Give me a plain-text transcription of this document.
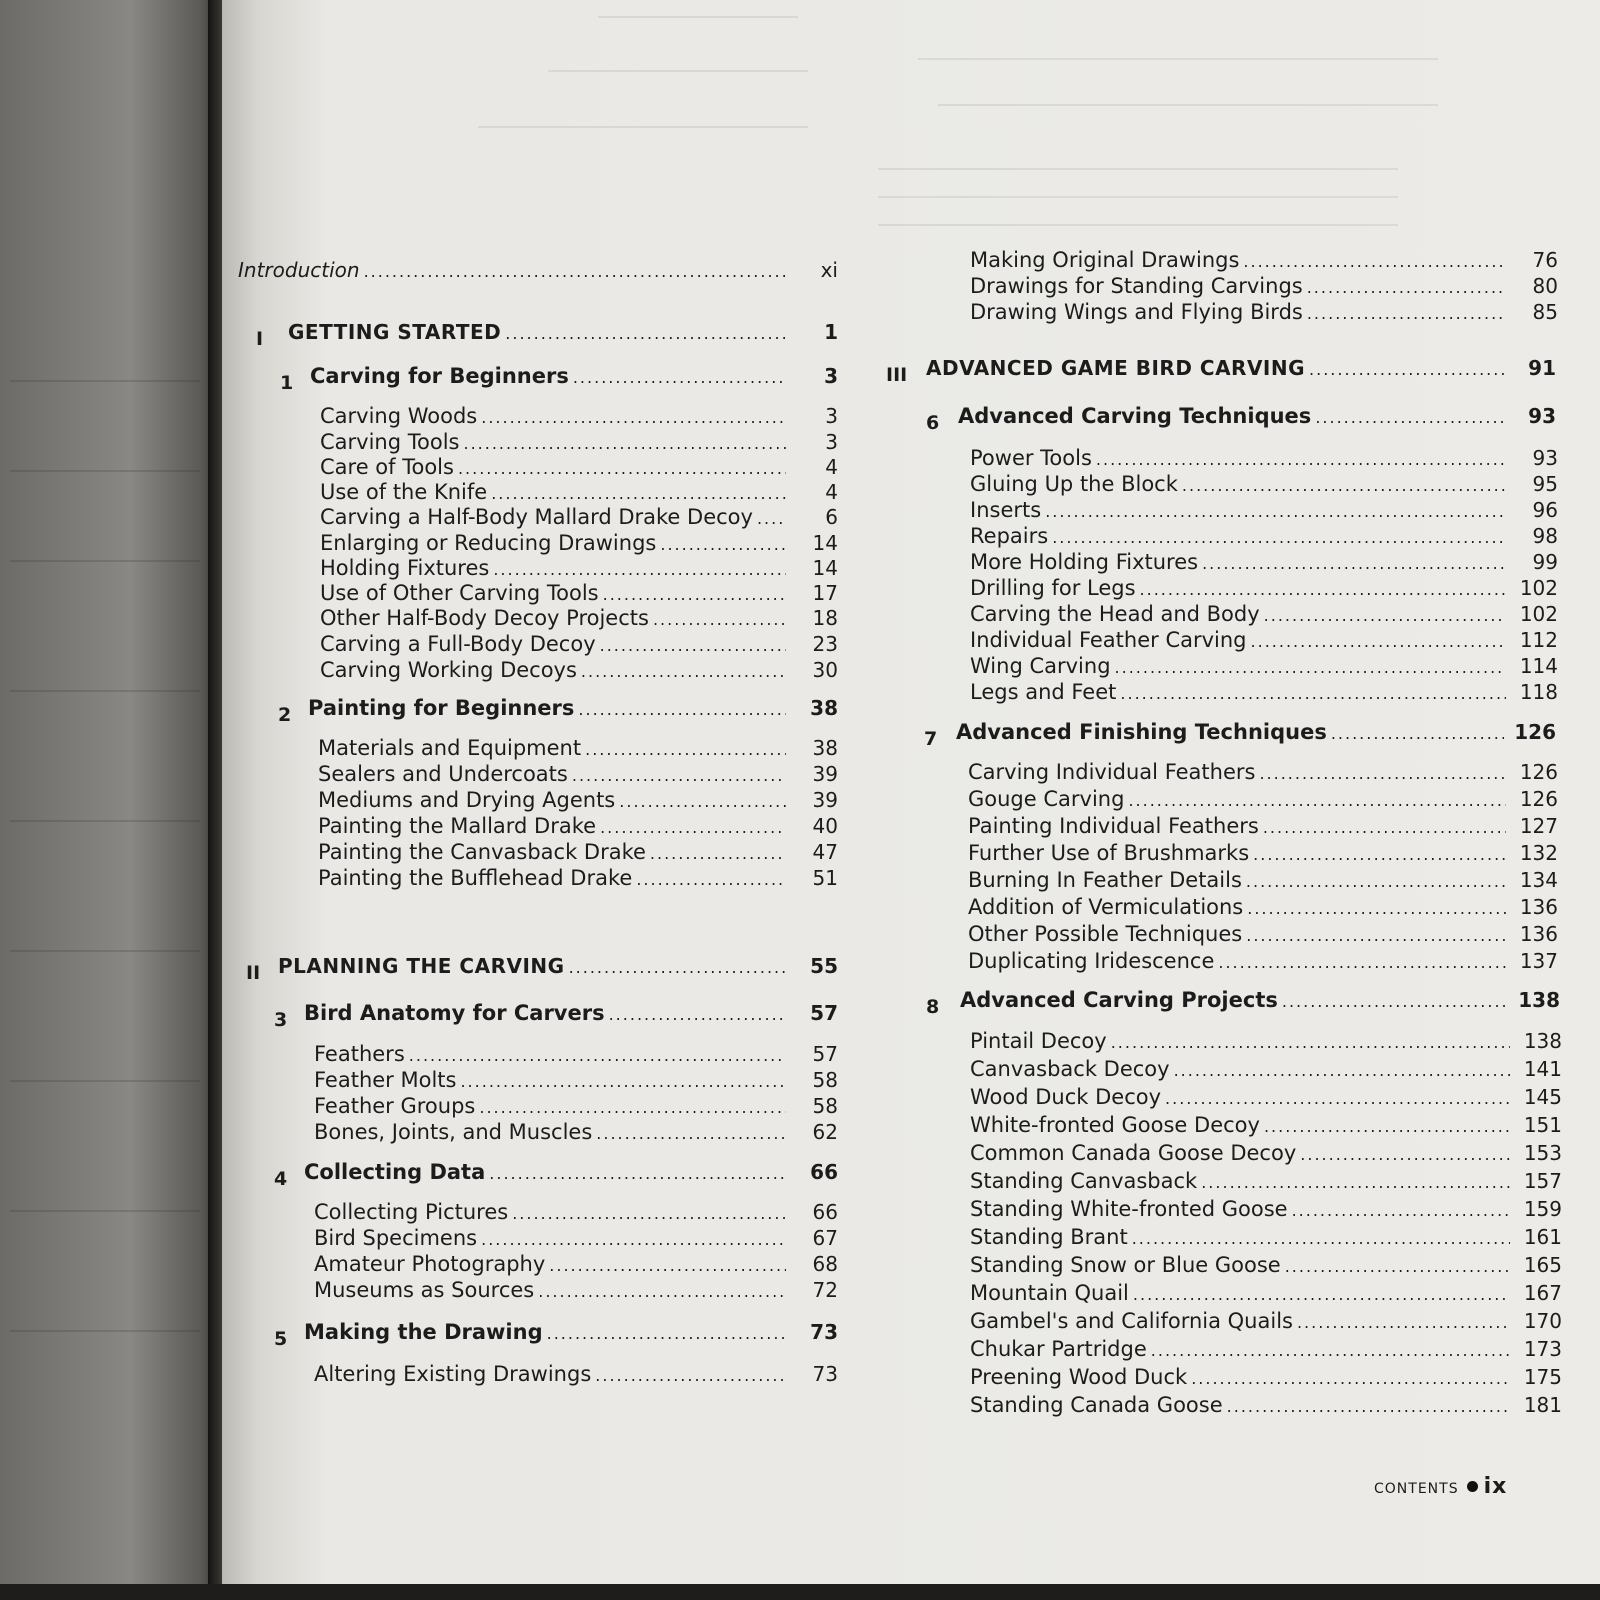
Introduction .....	xi
I GETTING STARTED .....	1
1 Carving for Beginners .....	3
Carving Woods .....	3
Carving Tools .....	3
Care of Tools .....	4
Use of the Knife .....	4
Carving a Half-Body Mallard Drake Decoy .....	6
Enlarging or Reducing Drawings .....	14
Holding Fixtures .....	14
Use of Other Carving Tools .....	17
Other Half-Body Decoy Projects .....	18
Carving a Full-Body Decoy .....	23
Carving Working Decoys .....	30
2 Painting for Beginners .....	38
Materials and Equipment .....	38
Sealers and Undercoats .....	39
Mediums and Drying Agents .....	39
Painting the Mallard Drake .....	40
Painting the Canvasback Drake .....	47
Painting the Bufflehead Drake .....	51
II PLANNING THE CARVING .....	55
3 Bird Anatomy for Carvers .....	57
Feathers .....	57
Feather Molts .....	58
Feather Groups .....	58
Bones, Joints, and Muscles .....	62
4 Collecting Data .....	66
Collecting Pictures .....	66
Bird Specimens .....	67
Amateur Photography .....	68
Museums as Sources .....	72
5 Making the Drawing .....	73
Altering Existing Drawings .....	73
Making Original Drawings .....	76
Drawings for Standing Carvings .....	80
Drawing Wings and Flying Birds .....	85
III ADVANCED GAME BIRD CARVING .....	91
6 Advanced Carving Techniques .....	93
Power Tools .....	93
Gluing Up the Block .....	95
Inserts .....	96
Repairs .....	98
More Holding Fixtures .....	99
Drilling for Legs .....	102
Carving the Head and Body .....	102
Individual Feather Carving .....	112
Wing Carving .....	114
Legs and Feet .....	118
7 Advanced Finishing Techniques .....	126
Carving Individual Feathers .....	126
Gouge Carving .....	126
Painting Individual Feathers .....	127
Further Use of Brushmarks .....	132
Burning In Feather Details .....	134
Addition of Vermiculations .....	136
Other Possible Techniques .....	136
Duplicating Iridescence .....	137
8 Advanced Carving Projects .....	138
Pintail Decoy .....	138
Canvasback Decoy .....	141
Wood Duck Decoy .....	145
White-fronted Goose Decoy .....	151
Common Canada Goose Decoy .....	153
Standing Canvasback .....	157
Standing White-fronted Goose .....	159
Standing Brant .....	161
Standing Snow or Blue Goose .....	165
Mountain Quail .....	167
Gambel's and California Quails .....	170
Chukar Partridge .....	173
Preening Wood Duck .....	175
Standing Canada Goose .....	181
CONTENTS ix
